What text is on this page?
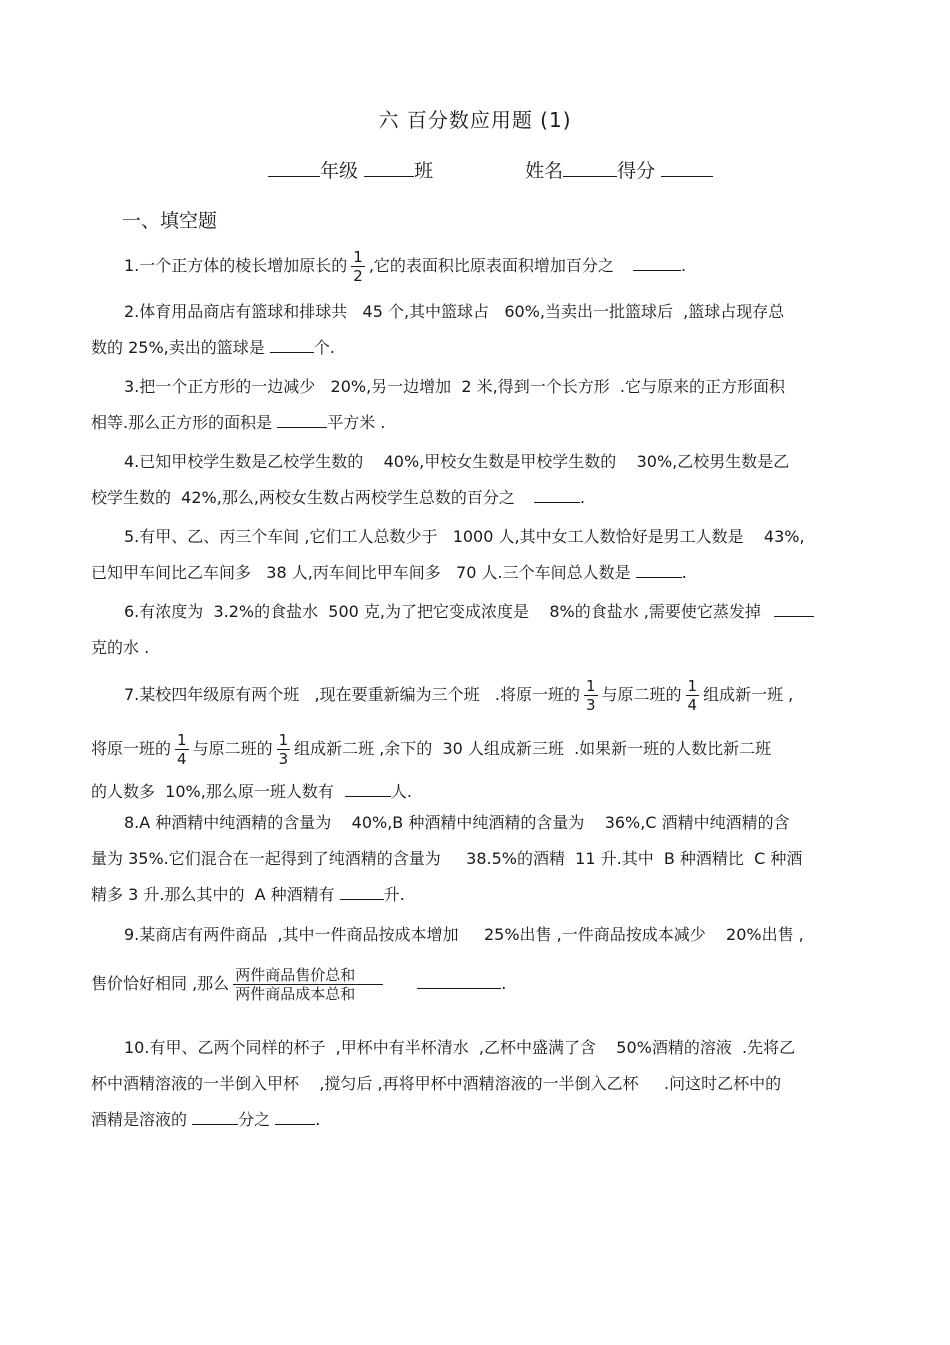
六 百分数应用题 (1)
年级	班	姓名	得分
一、填空题
1.一个正方体的棱长增加原长的 $\frac{1}{2}$ ,它的表面积比原表面积增加百分之	.
2.体育用品商店有篮球和排球共   45 个,其中篮球占   60%,当卖出一批篮球后  ,篮球占现存总
数的 25%,卖出的篮球是	个.
3.把一个正方形的一边减少   20%,另一边增加  2 米,得到一个长方形  .它与原来的正方形面积
相等.那么正方形的面积是	平方米 .
4.已知甲校学生数是乙校学生数的    40%,甲校女生数是甲校学生数的    30%,乙校男生数是乙
校学生数的  42%,那么,两校女生数占两校学生总数的百分之	.
5.有甲、乙、丙三个车间 ,它们工人总数少于   1000 人,其中女工人数恰好是男工人数是    43%,
已知甲车间比乙车间多   38 人,丙车间比甲车间多   70 人.三个车间总人数是	.
6.有浓度为  3.2%的食盐水  500 克,为了把它变成浓度是    8%的食盐水 ,需要使它蒸发掉
克的水 .
7.某校四年级原有两个班   ,现在要重新编为三个班   .将原一班的 $\frac{1}{3}$ 与原二班的 $\frac{1}{4}$ 组成新一班 ,
将原一班的 $\frac{1}{4}$ 与原二班的 $\frac{1}{3}$ 组成新二班 ,余下的  30 人组成新三班  .如果新一班的人数比新二班
的人数多  10%,那么原一班人数有	人.
8.A 种酒精中纯酒精的含量为    40%,B 种酒精中纯酒精的含量为    36%,C 酒精中纯酒精的含
量为 35%.它们混合在一起得到了纯酒精的含量为     38.5%的酒精  11 升.其中  B 种酒精比  C 种酒
精多 3 升.那么其中的  A 种酒精有	升.
9.某商店有两件商品  ,其中一件商品按成本增加     25%出售 ,一件商品按成本减少    20%出售 ,
售价恰好相同 ,那么 $\frac{\text{两件商品售价总和}}{\text{两件商品成本总和}}$	.
10.有甲、乙两个同样的杯子  ,甲杯中有半杯清水  ,乙杯中盛满了含    50%酒精的溶液  .先将乙
杯中酒精溶液的一半倒入甲杯    ,搅匀后 ,再将甲杯中酒精溶液的一半倒入乙杯     .问这时乙杯中的
酒精是溶液的	分之	.
